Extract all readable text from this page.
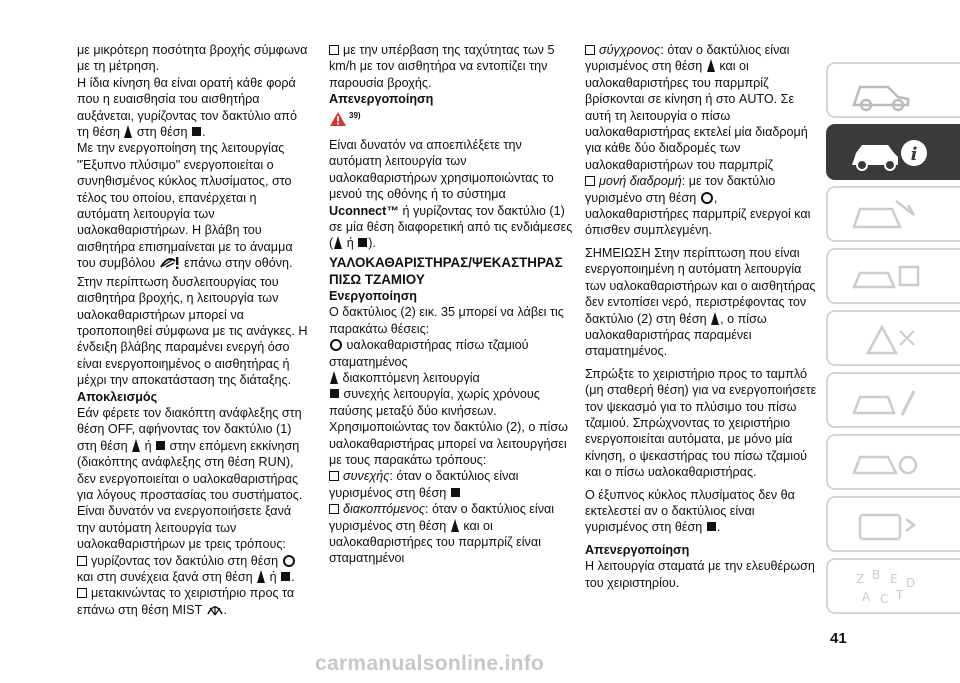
με μικρότερη ποσότητα βροχής σύμφωνα με τη μέτρηση.

Η ίδια κίνηση θα είναι ορατή κάθε φορά που η ευαισθησία του αισθητήρα αυξάνεται, γυρίζοντας τον δακτύλιο από τη θέση στη θέση .

Με την ενεργοποίηση της λειτουργίας "Έξυπνο πλύσιμο" ενεργοποιείται ο συνηθισμένος κύκλος πλυσίματος, στο τέλος του οποίου, επανέρχεται η αυτόματη λειτουργία των υαλοκαθαριστήρων. Η βλάβη του αισθητήρα επισημαίνεται με το άναμμα του συμβόλου επάνω στην οθόνη. Στην περίπτωση δυσλειτουργίας του αισθητήρα βροχής, η λειτουργία των υαλοκαθαριστήρων μπορεί να τροποποιηθεί σύμφωνα με τις ανάγκες. Η ένδειξη βλάβης παραμένει ενεργή όσο είναι ενεργοποιημένος ο αισθητήρας ή μέχρι την αποκατάσταση της διάταξης.

Αποκλεισμός

Εάν φέρετε τον διακόπτη ανάφλεξης στη θέση OFF, αφήνοντας τον δακτύλιο (1) στη θέση ή στην επόμενη εκκίνηση (διακόπτης ανάφλεξης στη θέση RUN), δεν ενεργοποιείται ο υαλοκαθαριστήρας για λόγους προστασίας του συστήματος.

Είναι δυνατόν να ενεργοποιήσετε ξανά την αυτόματη λειτουργία των υαλοκαθαριστήρων με τρεις τρόπους:

γυρίζοντας τον δακτύλιο στη θέση  και στη συνέχεια ξανά στη θέση ή .

μετακινώντας το χειριστήριο προς τα επάνω στη θέση MIST .

με την υπέρβαση της ταχύτητας των 5 km/h με τον αισθητήρα να εντοπίζει την παρουσία βροχής.

Απενεργοποίηση

$^{39)}$

Είναι δυνατόν να αποεπιλέξετε την αυτόματη λειτουργία των υαλοκαθαριστήρων χρησιμοποιώντας το μενού της οθόνης ή το σύστημα Uconnect™ ή γυρίζοντας τον δακτύλιο (1) σε μία θέση διαφορετική από τις ενδιάμεσες ( ή ).

ΥΑΛΟΚΑΘΑΡΙΣΤΗΡΑΣ/ΨΕΚΑΣΤΗΡΑΣ ΠΙΣΩ ΤΖΑΜΙΟΥ

Ενεργοποίηση

Ο δακτύλιος (2) εικ. 35 μπορεί να λάβει τις παρακάτω θέσεις:

υαλοκαθαριστήρας πίσω τζαμιού σταματημένος

διακοπτόμενη λειτουργία

συνεχής λειτουργία, χωρίς χρόνους παύσης μεταξύ δύο κινήσεων.

Χρησιμοποιώντας τον δακτύλιο (2), ο πίσω υαλοκαθαριστήρας μπορεί να λειτουργήσει με τους παρακάτω τρόπους:

συνεχής: όταν ο δακτύλιος είναι γυρισμένος στη θέση

διακοπτόμενος: όταν ο δακτύλιος είναι γυρισμένος στη θέση και οι υαλοκαθαριστήρες του παρμπρίζ είναι σταματημένοι

σύγχρονος: όταν ο δακτύλιος είναι γυρισμένος στη θέση και οι υαλοκαθαριστήρες του παρμπρίζ βρίσκονται σε κίνηση ή στο AUTO. Σε αυτή τη λειτουργία ο πίσω υαλοκαθαριστήρας εκτελεί μία διαδρομή για κάθε δύο διαδρομές των υαλοκαθαριστήρων του παρμπρίζ

μονή διαδρομή: με τον δακτύλιο γυρισμένο στη θέση , υαλοκαθαριστήρες παρμπρίζ ενεργοί και όπισθεν συμπλεγμένη.

ΣΗΜΕΙΩΣΗ Στην περίπτωση που είναι ενεργοποιημένη η αυτόματη λειτουργία των υαλοκαθαριστήρων και ο αισθητήρας δεν εντοπίσει νερό, περιστρέφοντας τον δακτύλιο (2) στη θέση , ο πίσω υαλοκαθαριστήρας παραμένει σταματημένος.

Σπρώξτε το χειριστήριο προς το ταμπλό (μη σταθερή θέση) για να ενεργοποιήσετε τον ψεκασμό για το πλύσιμο του πίσω τζαμιού. Σπρώχνοντας το χειριστήριο ενεργοποιείται αυτόματα, με μόνο μία κίνηση, ο ψεκαστήρας του πίσω τζαμιού και ο πίσω υαλοκαθαριστήρας.

Ο έξυπνος κύκλος πλυσίματος δεν θα εκτελεστεί αν ο δακτύλιος είναι γυρισμένος στη θέση .

Απενεργοποίηση

Η λειτουργία σταματά με την ελευθέρωση του χειριστηρίου.

i
Z B E
A C T
D
41
carmanualsonline.info
